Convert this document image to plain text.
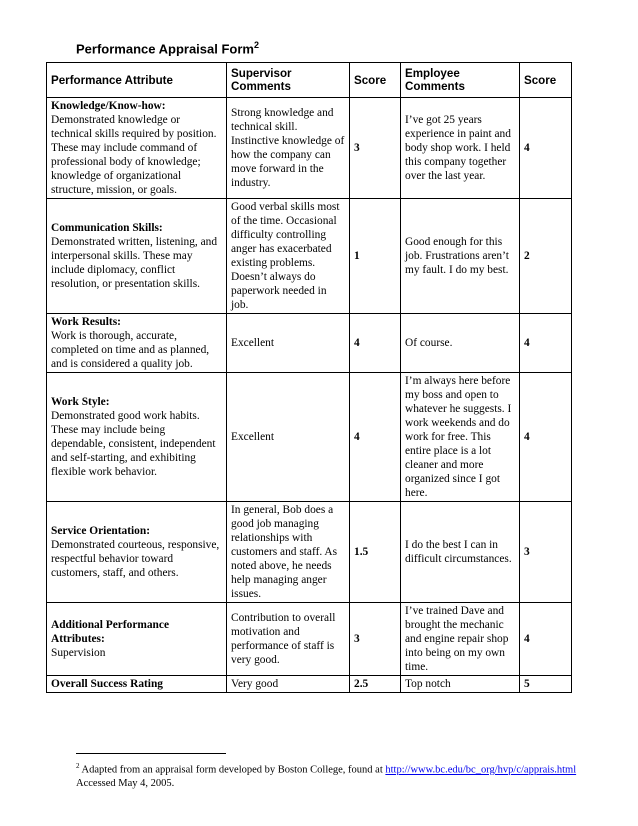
Performance Appraisal Form$^2$
Performance Attribute	Supervisor Comments	Score	Employee Comments	Score

Knowledge/Know-how:
Demonstrated knowledge or technical skills required by position. These may include command of professional body of knowledge; knowledge of organizational structure, mission, or goals.	Strong knowledge and technical skill. Instinctive knowledge of how the company can move forward in the industry.	3	I’ve got 25 years experience in paint and body shop work. I held this company together over the last year.	4

Communication Skills:
Demonstrated written, listening, and interpersonal skills. These may include diplomacy, conflict resolution, or presentation skills.	Good verbal skills most of the time. Occasional difficulty controlling anger has exacerbated existing problems. Doesn’t always do paperwork needed in job.	1	Good enough for this job. Frustrations aren’t my fault. I do my best.	2

Work Results:
Work is thorough, accurate, completed on time and as planned, and is considered a quality job.	Excellent	4	Of course.	4

Work Style:
Demonstrated good work habits. These may include being dependable, consistent, independent and self-starting, and exhibiting flexible work behavior.	Excellent	4	I’m always here before my boss and open to whatever he suggests. I work weekends and do work for free. This entire place is a lot cleaner and more organized since I got here.	4

Service Orientation:
Demonstrated courteous, responsive, respectful behavior toward customers, staff, and others.	In general, Bob does a good job managing relationships with customers and staff. As noted above, he needs help managing anger issues.	1.5	I do the best I can in difficult circumstances.	3

Additional Performance Attributes:
Supervision	Contribution to overall motivation and performance of staff is very good.	3	I’ve trained Dave and brought the mechanic and engine repair shop into being on my own time.	4

Overall Success Rating	Very good	2.5	Top notch	5
$^2$ Adapted from an appraisal form developed by Boston College, found at http://www.bc.edu/bc_org/hvp/c/apprais.html
Accessed May 4, 2005.
